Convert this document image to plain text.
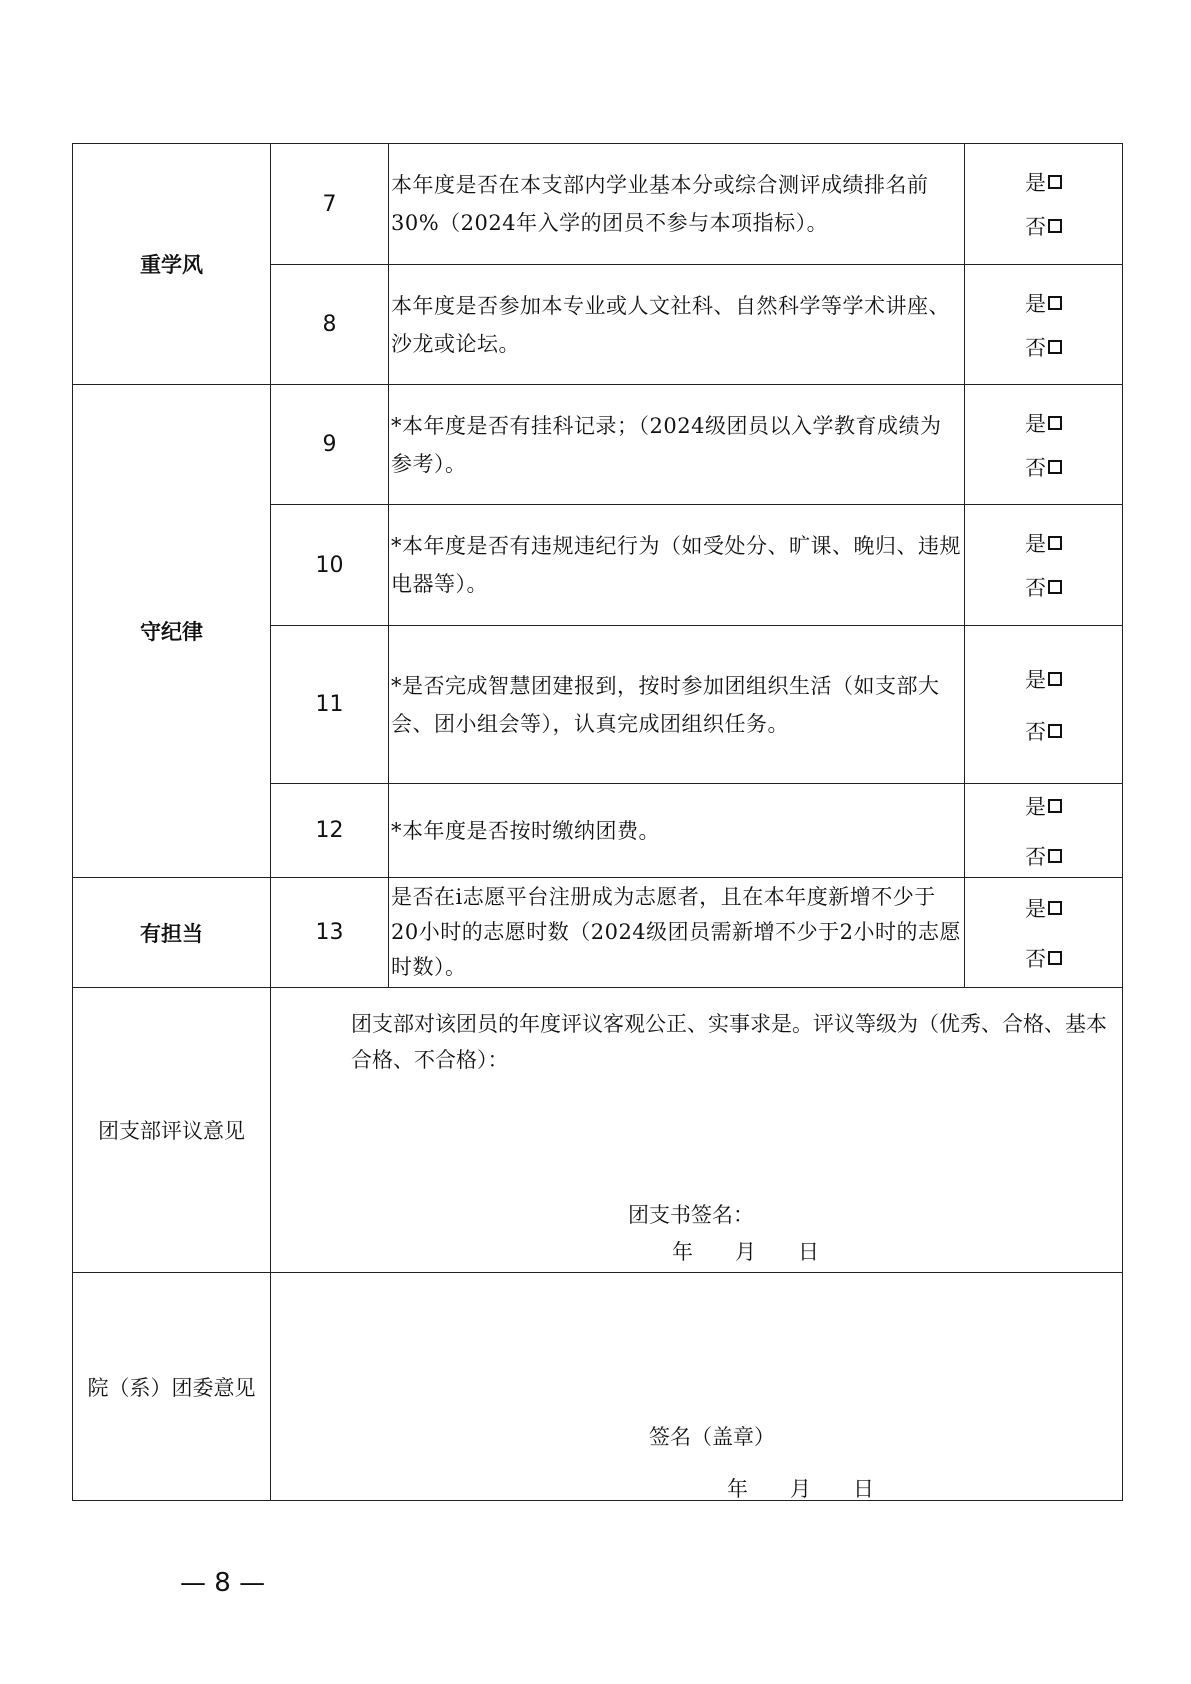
重学风	7	本年度是否在本支部内学业基本分或综合测评成绩排名前30%（2024年入学的团员不参与本项指标）。	是
否

	8	本年度是否参加本专业或人文社科、自然科学等学术讲座、沙龙或论坛。	是
否

守纪律	9	*本年度是否有挂科记录；（2024级团员以入学教育成绩为参考）。	是
否

	10	*本年度是否有违规违纪行为（如受处分、旷课、晚归、违规电器等）。	是
否

	11	*是否完成智慧团建报到，按时参加团组织生活（如支部大会、团小组会等），认真完成团组织任务。	是
否

	12	*本年度是否按时缴纳团费。	是
否

有担当	13	是否在i志愿平台注册成为志愿者，且在本年度新增不少于20小时的志愿时数（2024级团员需新增不少于2小时的志愿时数）。	是
否

团支部评议意见	团支部对该团员的年度评议客观公正、实事求是。评议等级为（优秀、合格、基本合格、不合格）：
团支书签名：
年　　月　　日		

院（系）团委意见	签名（盖章）
年　　月　　日		
— 8 —
